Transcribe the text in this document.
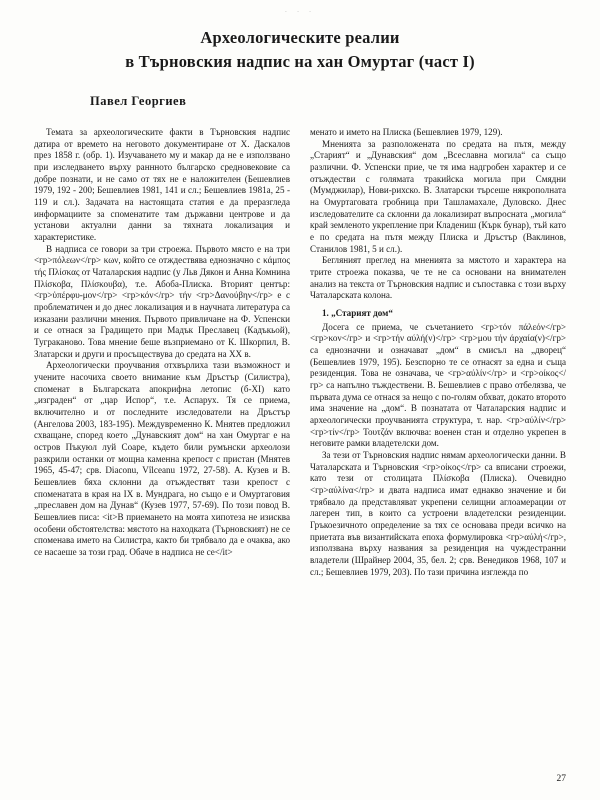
· · ·
Археологическите реалии
в Търновския надпис на хан Омуртаг (част I)
Павел Георгиев

Темата за археологическите факти в Търновския надпис датира от времето на неговото документиране от Х. Даскалов през 1858 г. (обр. 1). Изучаването му и макар да не е използвано при изследването върху раннното българско средновековие са добре познати, и не само от тях не е наложителен (Бешевлиев 1979, 192 - 200; Бешевлиев 1981, 141 и сл.; Бешевлиев 1981а, 25 - 119 и сл.). Задачата на настоящата статия е да преразгледа информациите за споменатите там държавни центрове и да установи актуални данни за тяхната локализация и характеристике.

В надписа се говори за три строежа. Първото място е на три <гр>πόλεων</гр> κων, който се отждествява еднозначно с κάμπος τής Πλίσκας от Чаталарския надпис (у Льв Дякон и Анна Комнина Πλίσκοβα, Πλίσκουβα), т.е. Абоба-Плиска. Вторият център: <гр>ὑπέρφυ-μον</гр> <гр>κόν</гр> τήν <гр>Δανούβην</гр> е с проблематичен и до днес локализация и в научната литература са изказани различни мнения. Първото привличане на Ф. Успенски и се отнася за Градището при Мадък Преславец (Кадъкьой), Туграканово. Това мнение беше възприемано от К. Шкорпил, В. Златарски и други и просъществува до средата на ХХ в.

Археологически проучвания отхвърлиха тази възможност и учените насочиха своето внимание към Дръстър (Силистра), споменат в Българската апокрифна летопис (б-ХІ) като „изграден“ от „цар Испор“, т.е. Аспарух. Тя се приема, включително и от последните изследователи на Дръстър (Ангелова 2003, 183-195). Междувременно К. Мнятев предложил схващане, според което „Дунавският дом“ на хан Омуртаг е на остров Пъкуюл луй Соаре, където били румънски археолози разкрили останки от мощна каменна крепост с пристан (Мнятев 1965, 45-47; срв. Diaconu, Vîlceanu 1972, 27-58). А. Кузев и В. Бешевлиев бяха склонни да отъждествят тази крепост с споменатата в края на IХ в. Мундрага, но също е и Омуртаговия „преславен дом на Дунав“ (Кузев 1977, 57-69). По този повод В. Бешевлиев писа: <it>В приемането на моята хипотеза не изисква особени обстоятелства: мястото на находката (Търновският) не се споменава името на Силистра, както би трябвало да е очаква, ако се насаеше за този град. Обаче в надписа не се</it>

менато и името на Плиска (Бешевлиев 1979, 129).

Мненията за разположената по средата на пътя, между „Старият“ и „Дунавския“ дом „Всеславна могила“ са също различни. Ф. Успенски прие, че тя има надгробен характер и се отъждестви с голямата тракийска могила при Смядни (Мумджилар), Нови-рихско. В. Златарски търсеше някрополната на Омуртаговата гробница при Ташламахале, Дуловско. Днес изследователите са склонни да локализират въпросната „могила“ край земленото укрепление при Кладениш (Кърк бунар), тъй като е по средата на пътя между Плиска и Дръстър (Ваклинов, Станилов 1981, 5 и сл.).

Бегляният преглед на мненията за мястото и характера на трите строежа показва, че те не са основани на внимателен анализ на текста от Търновския надпис и съпоставка с този върху Чаталарската колона.

1. „Старият дом“

Досега се приема, че съчетанието <гр>τόν πάλεόν</гр> <гр>κον</гр> и <гр>τήν αύλή(ν)</гр> <гр>μου τήν άρχαία(ν)</гр> са еднозначни и означават „дом“ в смисъл на „дворец“ (Бешевлиев 1979, 195). Безспорно те се отнасят за една и съща резиденция. Това не означава, че <гр>αύλίν</гр> и <гр>οίκος</гр> са напълно тъждествени. В. Бешевлиев с право отбелязва, че първата дума се отнася за нещо с по-голям обхват, докато второто има значение на „дом“. В познатата от Чаталарския надпис и археологически проучванията структура, т. нар. <гр>αύλίν</гр> <гр>τίν</гр> Τουτζάν включва: военен стан и отделно укрепен в неговите рамки владетелски дом.

За тези от Търновския надпис нямам археологически данни. В Чаталарската и Търновския <гр>οίκος</гр> са вписани строежи, като тези от столицата Πλίσκοβα (Плиска). Очевидно <гр>αύλίνα</гр> и двата надписа имат еднакво значение и би трябвало да представляват укрепени селищни аглоамерации от лагерен тип, в които са устроени владетелски резиденции. Гръкоезичното определение за тях се основава преди всичко на приетата във византийската епоха формулировка <гр>αύλή</гр>, използвана върху названия за резиденция на чуждестранни владетели (Шрайнер 2004, 35, бел. 2; срв. Венедиков 1968, 107 и сл.; Бешевлиев 1979, 203). По тази причина изглежда по

27
